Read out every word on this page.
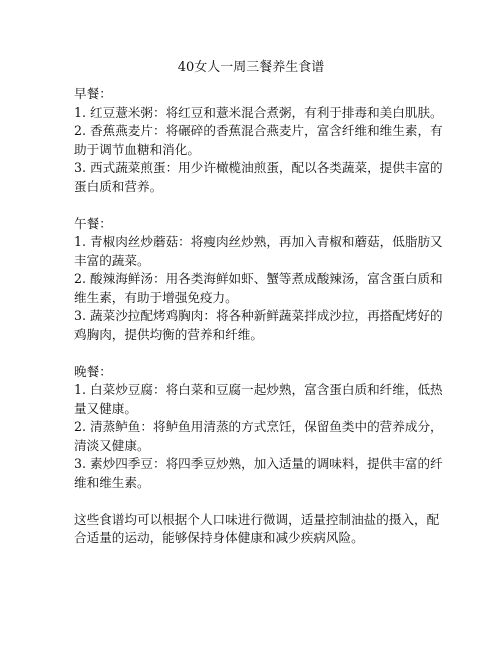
40女人一周三餐养生食谱

早餐：

1. 红豆薏米粥：将红豆和薏米混合煮粥，有利于排毒和美白肌肤。

2. 香蕉燕麦片：将碾碎的香蕉混合燕麦片，富含纤维和维生素，有助于调节血糖和消化。

3. 西式蔬菜煎蛋：用少许橄榄油煎蛋，配以各类蔬菜，提供丰富的蛋白质和营养。

午餐：

1. 青椒肉丝炒蘑菇：将瘦肉丝炒熟，再加入青椒和蘑菇，低脂肪又丰富的蔬菜。

2. 酸辣海鲜汤：用各类海鲜如虾、蟹等煮成酸辣汤，富含蛋白质和维生素，有助于增强免疫力。

3. 蔬菜沙拉配烤鸡胸肉：将各种新鲜蔬菜拌成沙拉，再搭配烤好的鸡胸肉，提供均衡的营养和纤维。

晚餐：

1. 白菜炒豆腐：将白菜和豆腐一起炒熟，富含蛋白质和纤维，低热量又健康。

2. 清蒸鲈鱼：将鲈鱼用清蒸的方式烹饪，保留鱼类中的营养成分，清淡又健康。

3. 素炒四季豆：将四季豆炒熟，加入适量的调味料，提供丰富的纤维和维生素。

这些食谱均可以根据个人口味进行微调，适量控制油盐的摄入，配合适量的运动，能够保持身体健康和减少疾病风险。
